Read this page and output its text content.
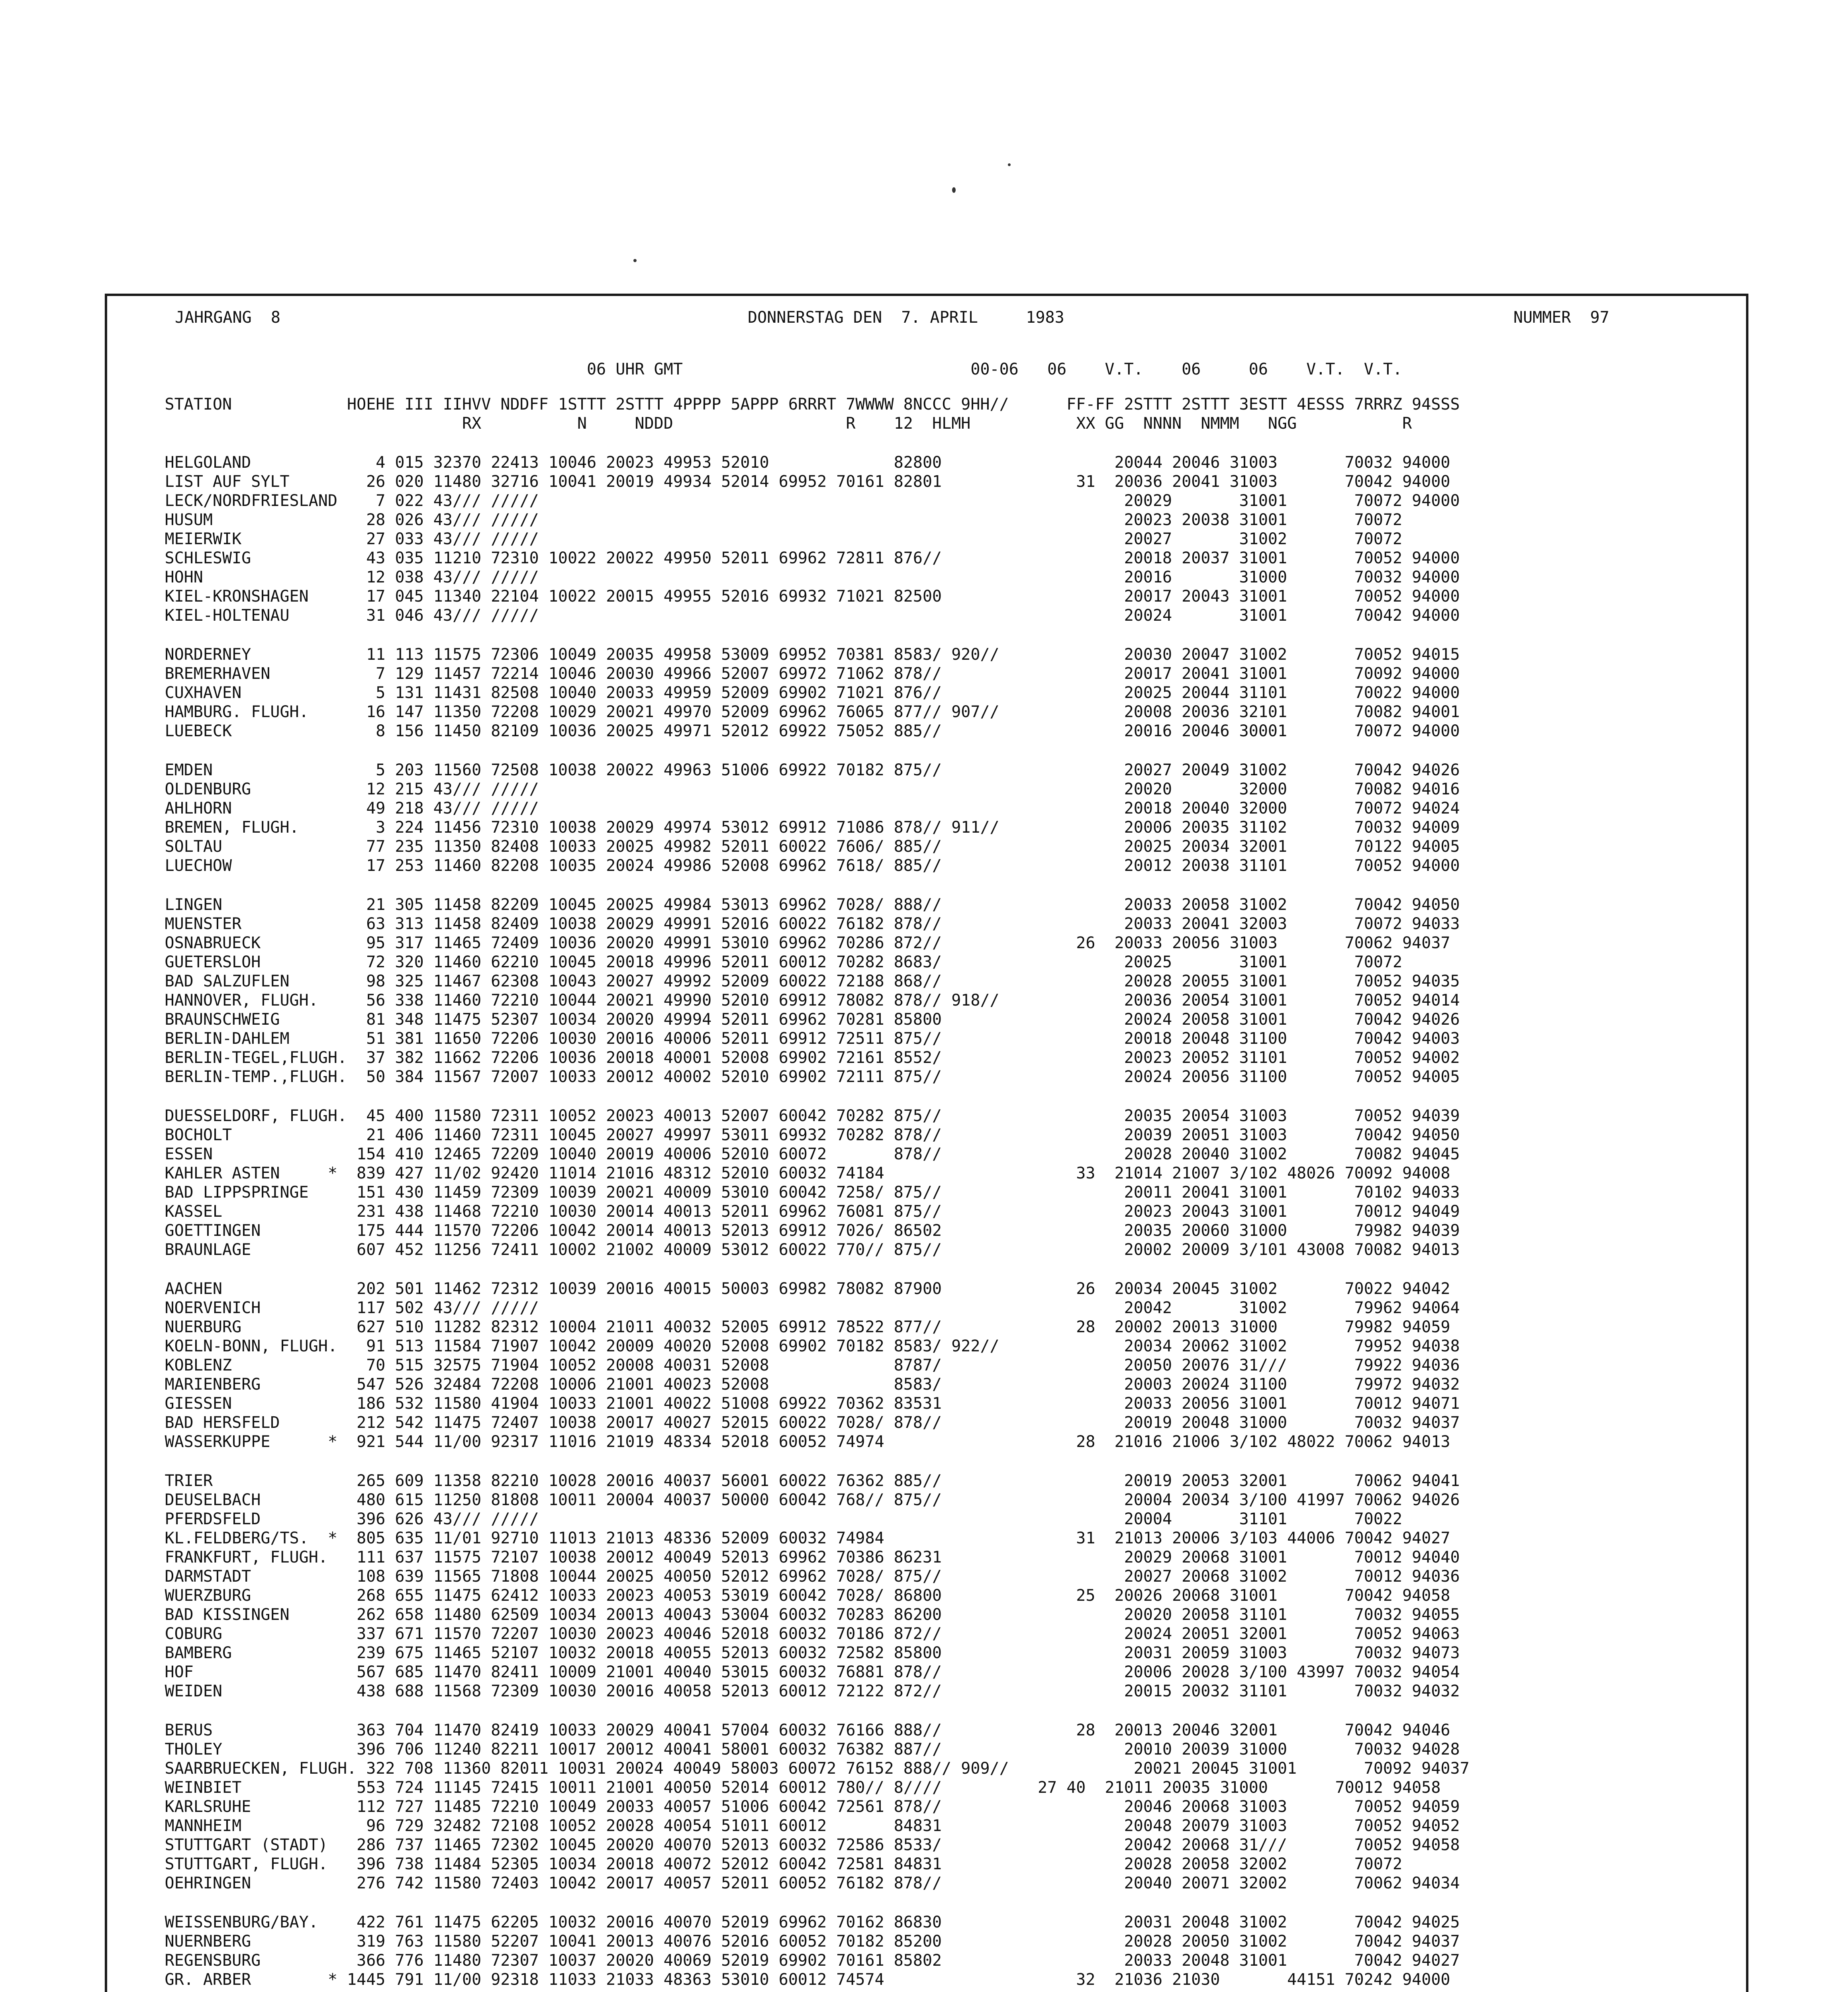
JAHRGANG  8	DONNERSTAG DEN  7. APRIL     1983	NUMMER  97
06 UHR GMT                              00-06   06    V.T.    06     06    V.T.  V.T.
STATION            HOEHE III IIHVV NDDFF 1STTT 2STTT 4PPPP 5APPP 6RRRT 7WWWW 8NCCC 9HH//      FF-FF 2STTT 2STTT 3ESTT 4ESSS 7RRRZ 94SSS
RX          N     NDDD                  R    12  HLMH           XX GG  NNNN  NMMM   NGG           R
HELGOLAND             4 015 32370 22413 10046 20023 49953 52010             82800                  20044 20046 31003       70032 94000
LIST AUF SYLT        26 020 11480 32716 10041 20019 49934 52014 69952 70161 82801              31  20036 20041 31003       70042 94000
LECK/NORDFRIESLAND    7 022 43/// /////                                                             20029       31001       70072 94000
HUSUM                28 026 43/// /////                                                             20023 20038 31001       70072
MEIERWIK             27 033 43/// /////                                                             20027       31002       70072
SCHLESWIG            43 035 11210 72310 10022 20022 49950 52011 69962 72811 876//                   20018 20037 31001       70052 94000
HOHN                 12 038 43/// /////                                                             20016       31000       70032 94000
KIEL-KRONSHAGEN      17 045 11340 22104 10022 20015 49955 52016 69932 71021 82500                   20017 20043 31001       70052 94000
KIEL-HOLTENAU        31 046 43/// /////                                                             20024       31001       70042 94000
NORDERNEY            11 113 11575 72306 10049 20035 49958 53009 69952 70381 8583/ 920//             20030 20047 31002       70052 94015
BREMERHAVEN           7 129 11457 72214 10046 20030 49966 52007 69972 71062 878//                   20017 20041 31001       70092 94000
CUXHAVEN              5 131 11431 82508 10040 20033 49959 52009 69902 71021 876//                   20025 20044 31101       70022 94000
HAMBURG. FLUGH.      16 147 11350 72208 10029 20021 49970 52009 69962 76065 877// 907//             20008 20036 32101       70082 94001
LUEBECK               8 156 11450 82109 10036 20025 49971 52012 69922 75052 885//                   20016 20046 30001       70072 94000
EMDEN                 5 203 11560 72508 10038 20022 49963 51006 69922 70182 875//                   20027 20049 31002       70042 94026
OLDENBURG            12 215 43/// /////                                                             20020       32000       70082 94016
AHLHORN              49 218 43/// /////                                                             20018 20040 32000       70072 94024
BREMEN, FLUGH.        3 224 11456 72310 10038 20029 49974 53012 69912 71086 878// 911//             20006 20035 31102       70032 94009
SOLTAU               77 235 11350 82408 10033 20025 49982 52011 60022 7606/ 885//                   20025 20034 32001       70122 94005
LUECHOW              17 253 11460 82208 10035 20024 49986 52008 69962 7618/ 885//                   20012 20038 31101       70052 94000
LINGEN               21 305 11458 82209 10045 20025 49984 53013 69962 7028/ 888//                   20033 20058 31002       70042 94050
MUENSTER             63 313 11458 82409 10038 20029 49991 52016 60022 76182 878//                   20033 20041 32003       70072 94033
OSNABRUECK           95 317 11465 72409 10036 20020 49991 53010 69962 70286 872//              26  20033 20056 31003       70062 94037
GUETERSLOH           72 320 11460 62210 10045 20018 49996 52011 60012 70282 8683/                   20025       31001       70072
BAD SALZUFLEN        98 325 11467 62308 10043 20027 49992 52009 60022 72188 868//                   20028 20055 31001       70052 94035
HANNOVER, FLUGH.     56 338 11460 72210 10044 20021 49990 52010 69912 78082 878// 918//             20036 20054 31001       70052 94014
BRAUNSCHWEIG         81 348 11475 52307 10034 20020 49994 52011 69962 70281 85800                   20024 20058 31001       70042 94026
BERLIN-DAHLEM        51 381 11650 72206 10030 20016 40006 52011 69912 72511 875//                   20018 20048 31100       70042 94003
BERLIN-TEGEL,FLUGH.  37 382 11662 72206 10036 20018 40001 52008 69902 72161 8552/                   20023 20052 31101       70052 94002
BERLIN-TEMP.,FLUGH.  50 384 11567 72007 10033 20012 40002 52010 69902 72111 875//                   20024 20056 31100       70052 94005
DUESSELDORF, FLUGH.  45 400 11580 72311 10052 20023 40013 52007 60042 70282 875//                   20035 20054 31003       70052 94039
BOCHOLT              21 406 11460 72311 10045 20027 49997 53011 69932 70282 878//                   20039 20051 31003       70042 94050
ESSEN               154 410 12465 72209 10040 20019 40006 52010 60072       878//                   20028 20040 31002       70082 94045
KAHLER ASTEN     *  839 427 11/02 92420 11014 21016 48312 52010 60032 74184                    33  21014 21007 3/102 48026 70092 94008
BAD LIPPSPRINGE     151 430 11459 72309 10039 20021 40009 53010 60042 7258/ 875//                   20011 20041 31001       70102 94033
KASSEL              231 438 11468 72210 10030 20014 40013 52011 69962 76081 875//                   20023 20043 31001       70012 94049
GOETTINGEN          175 444 11570 72206 10042 20014 40013 52013 69912 7026/ 86502                   20035 20060 31000       79982 94039
BRAUNLAGE           607 452 11256 72411 10002 21002 40009 53012 60022 770// 875//                   20002 20009 3/101 43008 70082 94013
AACHEN              202 501 11462 72312 10039 20016 40015 50003 69982 78082 87900              26  20034 20045 31002       70022 94042
NOERVENICH          117 502 43/// /////                                                             20042       31002       79962 94064
NUERBURG            627 510 11282 82312 10004 21011 40032 52005 69912 78522 877//              28  20002 20013 31000       79982 94059
KOELN-BONN, FLUGH.   91 513 11584 71907 10042 20009 40020 52008 69902 70182 8583/ 922//             20034 20062 31002       79952 94038
KOBLENZ              70 515 32575 71904 10052 20008 40031 52008             8787/                   20050 20076 31///       79922 94036
MARIENBERG          547 526 32484 72208 10006 21001 40023 52008             8583/                   20003 20024 31100       79972 94032
GIESSEN             186 532 11580 41904 10033 21001 40022 51008 69922 70362 83531                   20033 20056 31001       70012 94071
BAD HERSFELD        212 542 11475 72407 10038 20017 40027 52015 60022 7028/ 878//                   20019 20048 31000       70032 94037
WASSERKUPPE      *  921 544 11/00 92317 11016 21019 48334 52018 60052 74974                    28  21016 21006 3/102 48022 70062 94013
TRIER               265 609 11358 82210 10028 20016 40037 56001 60022 76362 885//                   20019 20053 32001       70062 94041
DEUSELBACH          480 615 11250 81808 10011 20004 40037 50000 60042 768// 875//                   20004 20034 3/100 41997 70062 94026
PFERDSFELD          396 626 43/// /////                                                             20004       31101       70022
KL.FELDBERG/TS.  *  805 635 11/01 92710 11013 21013 48336 52009 60032 74984                    31  21013 20006 3/103 44006 70042 94027
FRANKFURT, FLUGH.   111 637 11575 72107 10038 20012 40049 52013 69962 70386 86231                   20029 20068 31001       70012 94040
DARMSTADT           108 639 11565 71808 10044 20025 40050 52012 69962 7028/ 875//                   20027 20068 31002       70012 94036
WUERZBURG           268 655 11475 62412 10033 20023 40053 53019 60042 7028/ 86800              25  20026 20068 31001       70042 94058
BAD KISSINGEN       262 658 11480 62509 10034 20013 40043 53004 60032 70283 86200                   20020 20058 31101       70032 94055
COBURG              337 671 11570 72207 10030 20023 40046 52018 60032 70186 872//                   20024 20051 32001       70052 94063
BAMBERG             239 675 11465 52107 10032 20018 40055 52013 60032 72582 85800                   20031 20059 31003       70032 94073
HOF                 567 685 11470 82411 10009 21001 40040 53015 60032 76881 878//                   20006 20028 3/100 43997 70032 94054
WEIDEN              438 688 11568 72309 10030 20016 40058 52013 60012 72122 872//                   20015 20032 31101       70032 94032
BERUS               363 704 11470 82419 10033 20029 40041 57004 60032 76166 888//              28  20013 20046 32001       70042 94046
THOLEY              396 706 11240 82211 10017 20012 40041 58001 60032 76382 887//                   20010 20039 31000       70032 94028
SAARBRUECKEN, FLUGH. 322 708 11360 82011 10031 20024 40049 58003 60072 76152 888// 909//             20021 20045 31001       70092 94037
WEINBIET            553 724 11145 72415 10011 21001 40050 52014 60012 780// 8////          27 40  21011 20035 31000       70012 94058
KARLSRUHE           112 727 11485 72210 10049 20033 40057 51006 60042 72561 878//                   20046 20068 31003       70052 94059
MANNHEIM             96 729 32482 72108 10052 20028 40054 51011 60012       84831                   20048 20079 31003       70052 94052
STUTTGART (STADT)   286 737 11465 72302 10045 20020 40070 52013 60032 72586 8533/                   20042 20068 31///       70052 94058
STUTTGART, FLUGH.   396 738 11484 52305 10034 20018 40072 52012 60042 72581 84831                   20028 20058 32002       70072
OEHRINGEN           276 742 11580 72403 10042 20017 40057 52011 60052 76182 878//                   20040 20071 32002       70062 94034
WEISSENBURG/BAY.    422 761 11475 62205 10032 20016 40070 52019 69962 70162 86830                   20031 20048 31002       70042 94025
NUERNBERG           319 763 11580 52207 10041 20013 40076 52016 60052 70182 85200                   20028 20050 31002       70042 94037
REGENSBURG          366 776 11480 72307 10037 20020 40069 52019 69902 70161 85802                   20033 20048 31001       70042 94027
GR. ARBER        * 1445 791 11/00 92318 11033 21033 48363 53010 60012 74574                    32  21036 21030       44151 70242 94000
